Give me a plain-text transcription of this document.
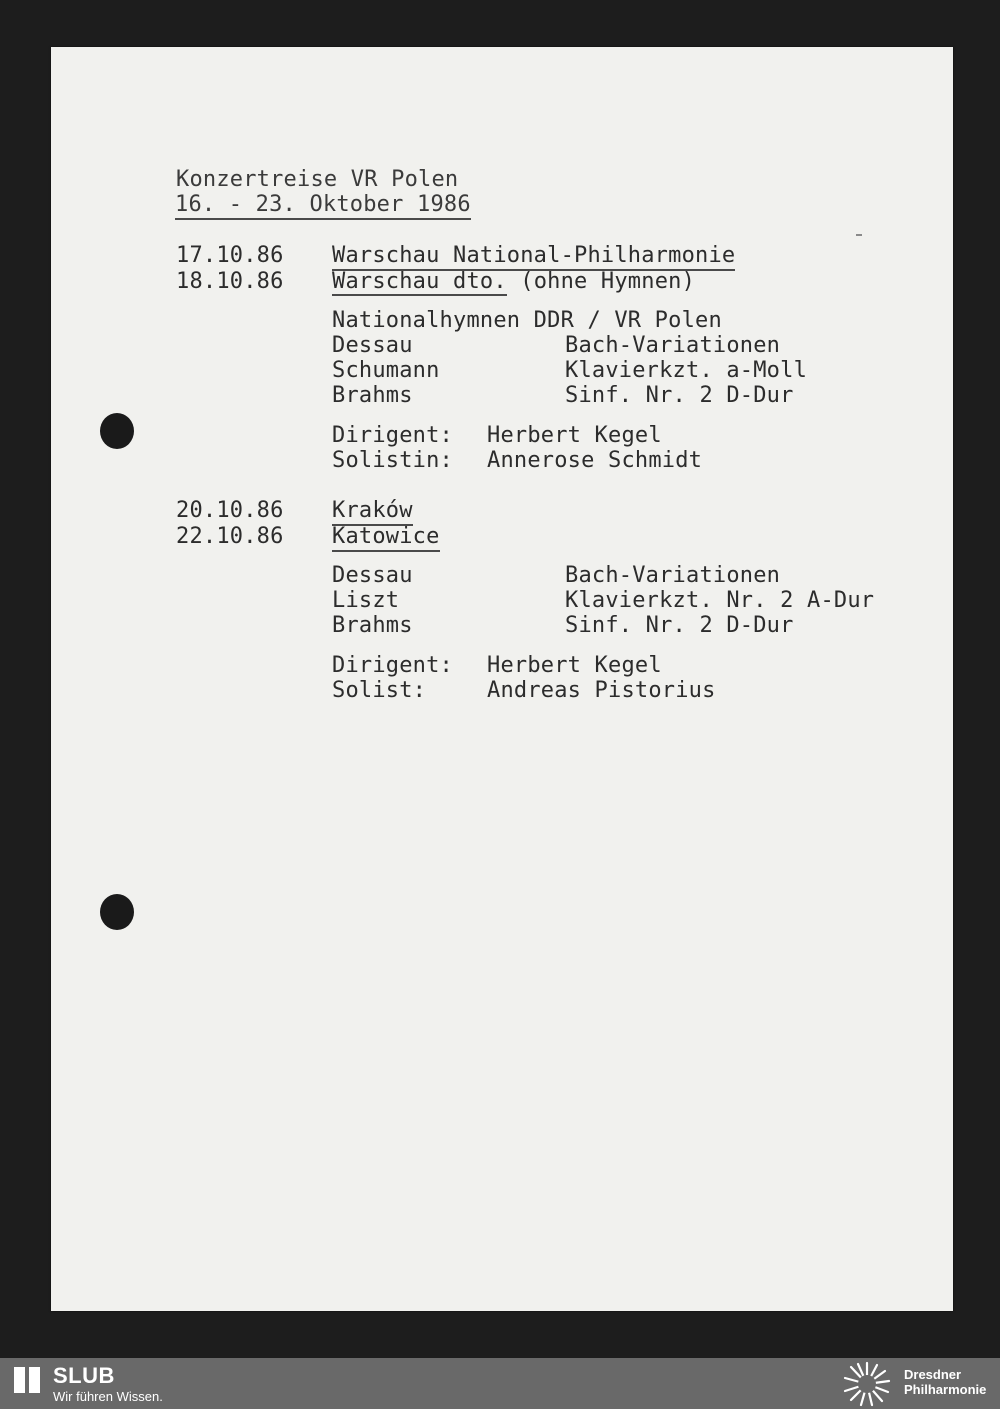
Konzertreise VR Polen
16. - 23. Oktober 1986
17.10.86 Warschau National-Philharmonie
18.10.86 Warschau dto. (ohne Hymnen)
Nationalhymnen DDR / VR Polen
Dessau	Bach-Variationen
Schumann	Klavierkzt. a-Moll
Brahms	Sinf. Nr. 2 D-Dur
Dirigent: Herbert Kegel
Solistin: Annerose Schmidt
20.10.86 Kraków
22.10.86 Katowice
Dessau	Bach-Variationen
Liszt	Klavierkzt. Nr. 2 A-Dur
Brahms	Sinf. Nr. 2 D-Dur
Dirigent: Herbert Kegel
Solist:	Andreas Pistorius
SLUB
Wir führen Wissen.
Dresdner
Philharmonie
